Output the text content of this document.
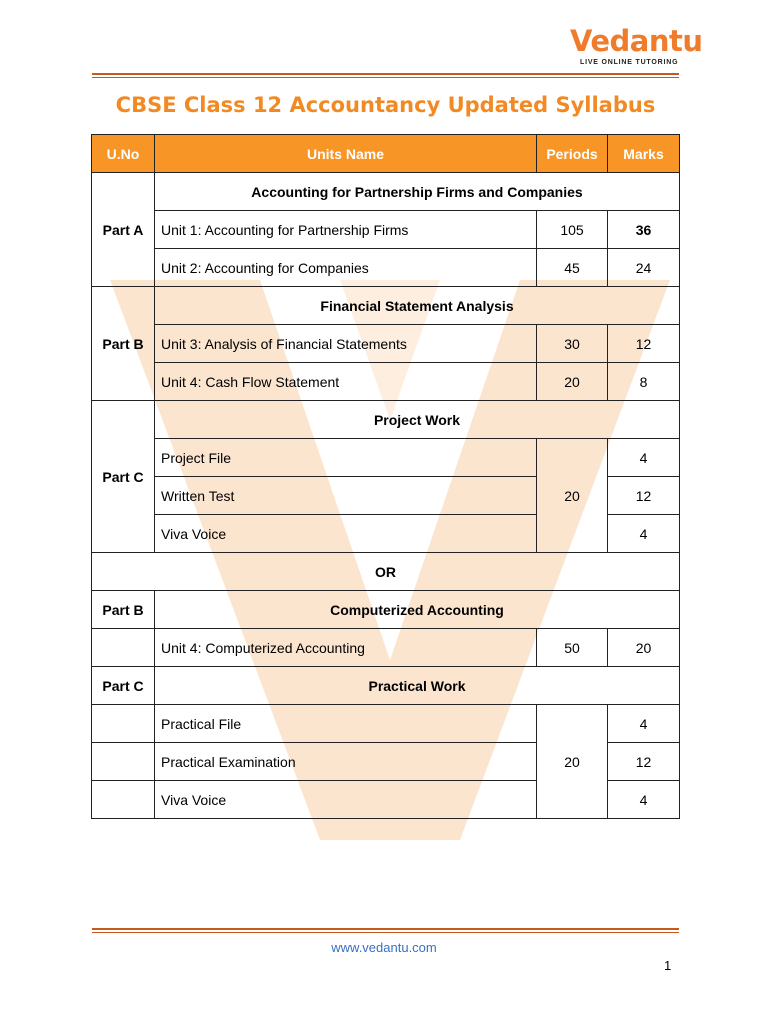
Vedantu
LIVE ONLINE TUTORING
CBSE Class 12 Accountancy Updated Syllabus
U.No	Units Name	Periods	Marks
Part A	Accounting for Partnership Firms and Companies		
	Unit 1: Accounting for Partnership Firms	105	36
	Unit 2: Accounting for Companies	45	24
Part B	Financial Statement Analysis		
	Unit 3: Analysis of Financial Statements	30	12
	Unit 4: Cash Flow Statement	20	8
Part C	Project Work		
	Project File	20	4
	Written Test		12
	Viva Voice		4
OR			
Part B	Computerized Accounting		
	Unit 4: Computerized Accounting	50	20
Part C	Practical Work		
	Practical File	20	4
	Practical Examination		12
	Viva Voice		4
www.vedantu.com
1
